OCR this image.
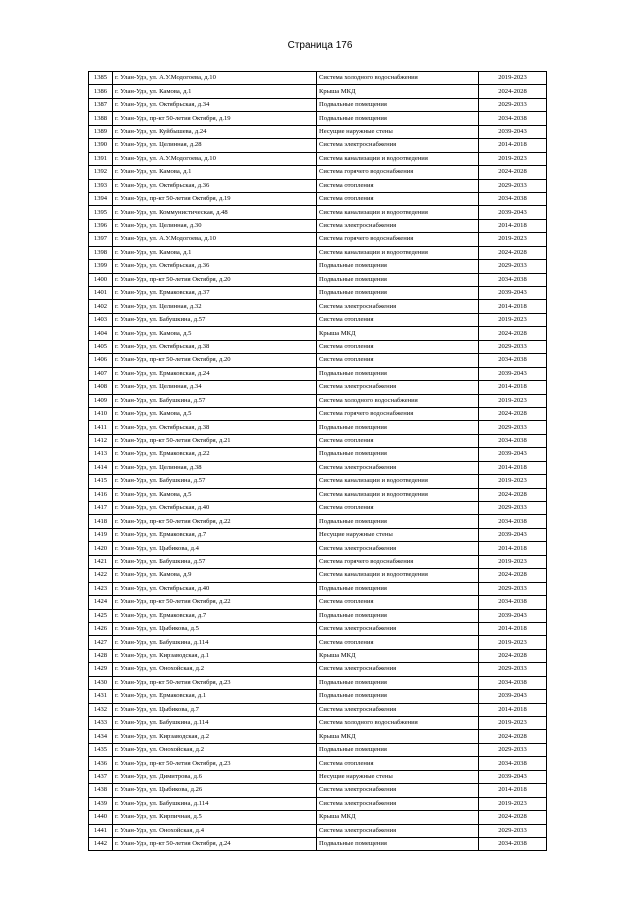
Страница 176
1385	г. Улан-Удэ, ул. А.У.Модогоева, д.10	Система холодного водоснабжения	2019-2023
1386	г. Улан-Удэ, ул. Камова, д.1	Крыша МКД	2024-2028
1387	г. Улан-Удэ, ул. Октябрьская, д.34	Подвальные помещения	2029-2033
1388	г. Улан-Удэ, пр-кт 50-летия Октября, д.19	Подвальные помещения	2034-2038
1389	г. Улан-Удэ, ул. Куйбышева, д.24	Несущие наружные стены	2039-2043
1390	г. Улан-Удэ, ул. Целинная, д.28	Система электроснабжения	2014-2018
1391	г. Улан-Удэ, ул. А.У.Модогоева, д.10	Система канализации и водоотведения	2019-2023
1392	г. Улан-Удэ, ул. Камова, д.1	Система горячего водоснабжения	2024-2028
1393	г. Улан-Удэ, ул. Октябрьская, д.36	Система отопления	2029-2033
1394	г. Улан-Удэ, пр-кт 50-летия Октября, д.19	Система отопления	2034-2038
1395	г. Улан-Удэ, ул. Коммунистическая, д.48	Система канализации и водоотведения	2039-2043
1396	г. Улан-Удэ, ул. Целинная, д.30	Система электроснабжения	2014-2018
1397	г. Улан-Удэ, ул. А.У.Модогоева, д.10	Система горячего водоснабжения	2019-2023
1398	г. Улан-Удэ, ул. Камова, д.1	Система канализации и водоотведения	2024-2028
1399	г. Улан-Удэ, ул. Октябрьская, д.36	Подвальные помещения	2029-2033
1400	г. Улан-Удэ, пр-кт 50-летия Октября, д.20	Подвальные помещения	2034-2038
1401	г. Улан-Удэ, ул. Ермаковская, д.37	Подвальные помещения	2039-2043
1402	г. Улан-Удэ, ул. Целинная, д.32	Система электроснабжения	2014-2018
1403	г. Улан-Удэ, ул. Бабушкина, д.57	Система отопления	2019-2023
1404	г. Улан-Удэ, ул. Камова, д.5	Крыша МКД	2024-2028
1405	г. Улан-Удэ, ул. Октябрьская, д.38	Система отопления	2029-2033
1406	г. Улан-Удэ, пр-кт 50-летия Октября, д.20	Система отопления	2034-2038
1407	г. Улан-Удэ, ул. Ермаковская, д.24	Подвальные помещения	2039-2043
1408	г. Улан-Удэ, ул. Целинная, д.34	Система электроснабжения	2014-2018
1409	г. Улан-Удэ, ул. Бабушкина, д.57	Система холодного водоснабжения	2019-2023
1410	г. Улан-Удэ, ул. Камова, д.5	Система горячего водоснабжения	2024-2028
1411	г. Улан-Удэ, ул. Октябрьская, д.38	Подвальные помещения	2029-2033
1412	г. Улан-Удэ, пр-кт 50-летия Октября, д.21	Система отопления	2034-2038
1413	г. Улан-Удэ, ул. Ермаковская, д.22	Подвальные помещения	2039-2043
1414	г. Улан-Удэ, ул. Целинная, д.38	Система электроснабжения	2014-2018
1415	г. Улан-Удэ, ул. Бабушкина, д.57	Система канализации и водоотведения	2019-2023
1416	г. Улан-Удэ, ул. Камова, д.5	Система канализации и водоотведения	2024-2028
1417	г. Улан-Удэ, ул. Октябрьская, д.40	Система отопления	2029-2033
1418	г. Улан-Удэ, пр-кт 50-летия Октября, д.22	Подвальные помещения	2034-2038
1419	г. Улан-Удэ, ул. Ермаковская, д.7	Несущие наружные стены	2039-2043
1420	г. Улан-Удэ, ул. Цыбикова, д.4	Система электроснабжения	2014-2018
1421	г. Улан-Удэ, ул. Бабушкина, д.57	Система горячего водоснабжения	2019-2023
1422	г. Улан-Удэ, ул. Камова, д.9	Система канализации и водоотведения	2024-2028
1423	г. Улан-Удэ, ул. Октябрьская, д.40	Подвальные помещения	2029-2033
1424	г. Улан-Удэ, пр-кт 50-летия Октября, д.22	Система отопления	2034-2038
1425	г. Улан-Удэ, ул. Ермаковская, д.7	Подвальные помещения	2039-2043
1426	г. Улан-Удэ, ул. Цыбикова, д.5	Система электроснабжения	2014-2018
1427	г. Улан-Удэ, ул. Бабушкина, д.114	Система отопления	2019-2023
1428	г. Улан-Удэ, ул. Кирзаводская, д.1	Крыша МКД	2024-2028
1429	г. Улан-Удэ, ул. Онохойская, д.2	Система электроснабжения	2029-2033
1430	г. Улан-Удэ, пр-кт 50-летия Октября, д.23	Подвальные помещения	2034-2038
1431	г. Улан-Удэ, ул. Ермаковская, д.1	Подвальные помещения	2039-2043
1432	г. Улан-Удэ, ул. Цыбикова, д.7	Система электроснабжения	2014-2018
1433	г. Улан-Удэ, ул. Бабушкина, д.114	Система холодного водоснабжения	2019-2023
1434	г. Улан-Удэ, ул. Кирзаводская, д.2	Крыша МКД	2024-2028
1435	г. Улан-Удэ, ул. Онохойская, д.2	Подвальные помещения	2029-2033
1436	г. Улан-Удэ, пр-кт 50-летия Октября, д.23	Система отопления	2034-2038
1437	г. Улан-Удэ, ул. Димитрова, д.6	Несущие наружные стены	2039-2043
1438	г. Улан-Удэ, ул. Цыбикова, д.26	Система электроснабжения	2014-2018
1439	г. Улан-Удэ, ул. Бабушкина, д.114	Система электроснабжения	2019-2023
1440	г. Улан-Удэ, ул. Кирпичная, д.5	Крыша МКД	2024-2028
1441	г. Улан-Удэ, ул. Онохойская, д.4	Система электроснабжения	2029-2033
1442	г. Улан-Удэ, пр-кт 50-летия Октября, д.24	Подвальные помещения	2034-2038
